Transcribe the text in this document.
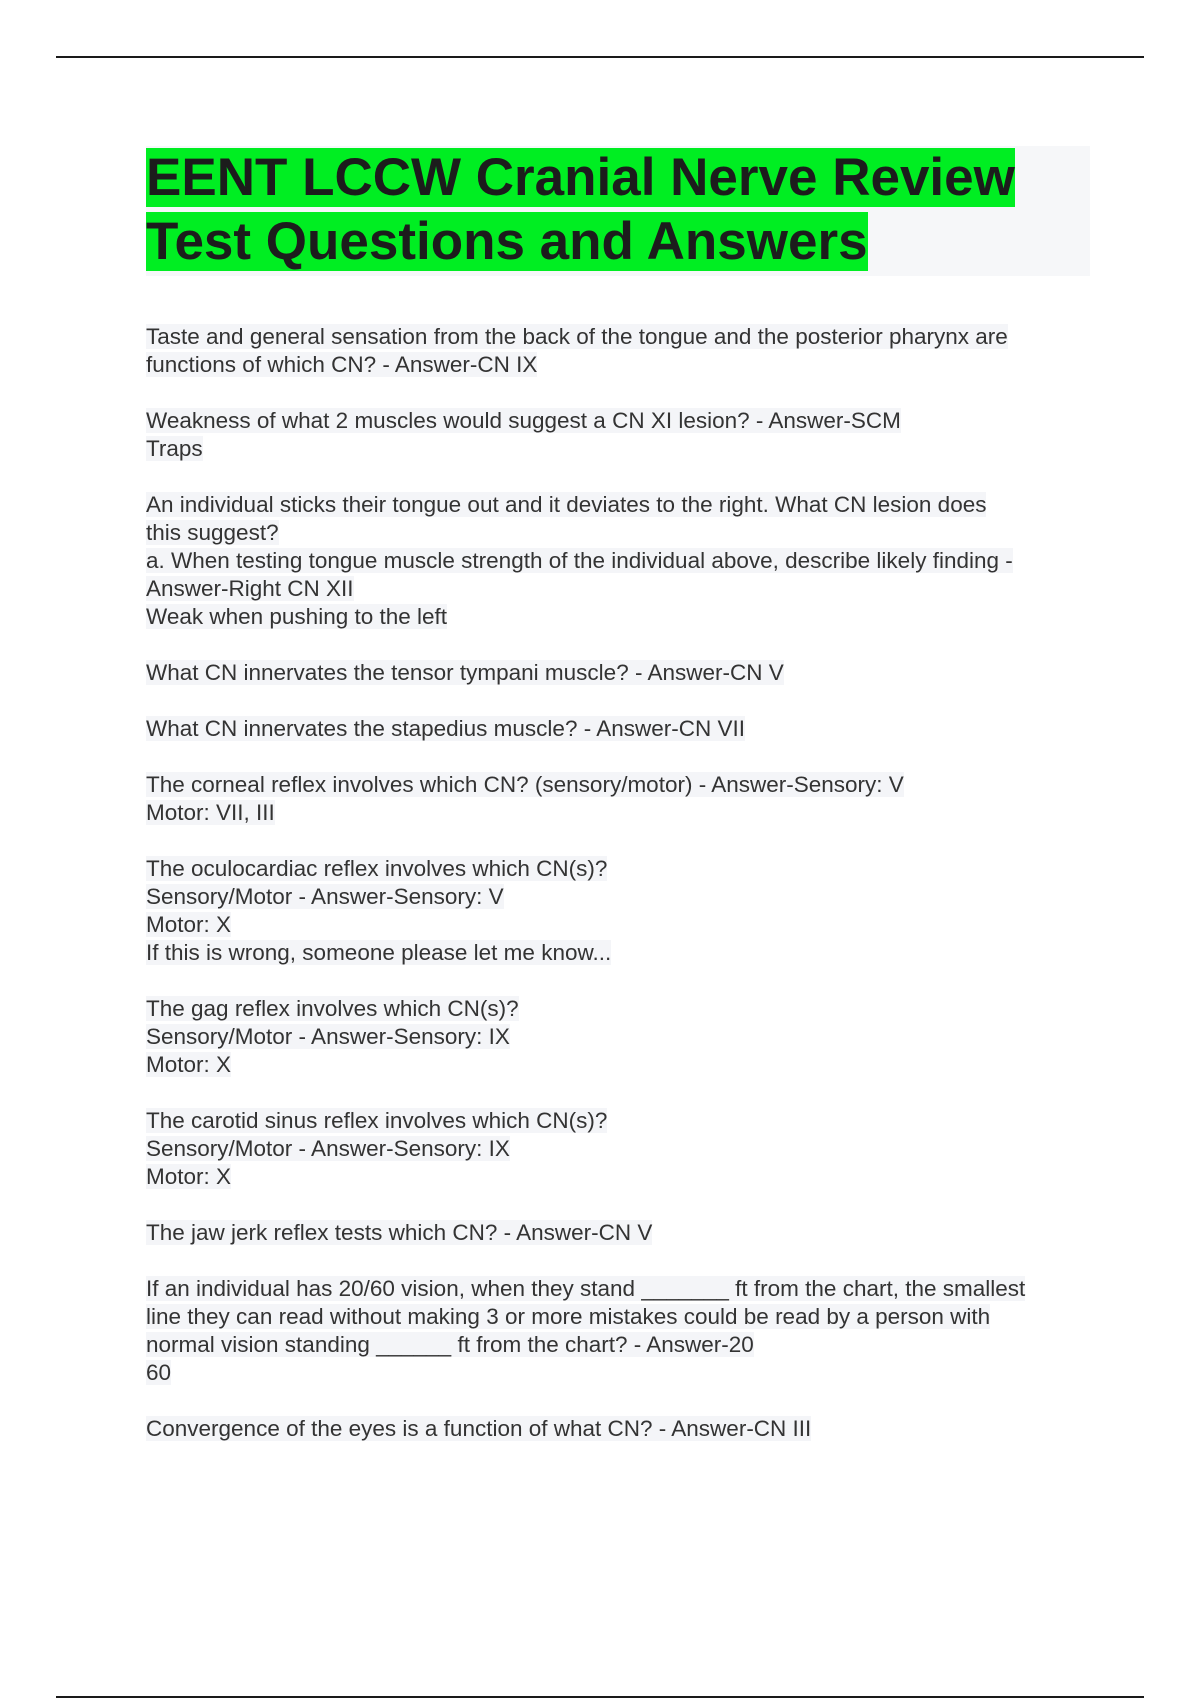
EENT LCCW Cranial Nerve Review
Test Questions and Answers
Taste and general sensation from the back of the tongue and the posterior pharynx are
functions of which CN? - Answer-CN IX
Weakness of what 2 muscles would suggest a CN XI lesion? - Answer-SCM
Traps
An individual sticks their tongue out and it deviates to the right. What CN lesion does
this suggest?
a. When testing tongue muscle strength of the individual above, describe likely finding -
Answer-Right CN XII
Weak when pushing to the left
What CN innervates the tensor tympani muscle? - Answer-CN V
What CN innervates the stapedius muscle? - Answer-CN VII
The corneal reflex involves which CN? (sensory/motor) - Answer-Sensory: V
Motor: VII, III
The oculocardiac reflex involves which CN(s)?
Sensory/Motor - Answer-Sensory: V
Motor: X
If this is wrong, someone please let me know...
The gag reflex involves which CN(s)?
Sensory/Motor - Answer-Sensory: IX
Motor: X
The carotid sinus reflex involves which CN(s)?
Sensory/Motor - Answer-Sensory: IX
Motor: X
The jaw jerk reflex tests which CN? - Answer-CN V
If an individual has 20/60 vision, when they stand _______ ft from the chart, the smallest
line they can read without making 3 or more mistakes could be read by a person with
normal vision standing ______ ft from the chart? - Answer-20
60
Convergence of the eyes is a function of what CN? - Answer-CN III
